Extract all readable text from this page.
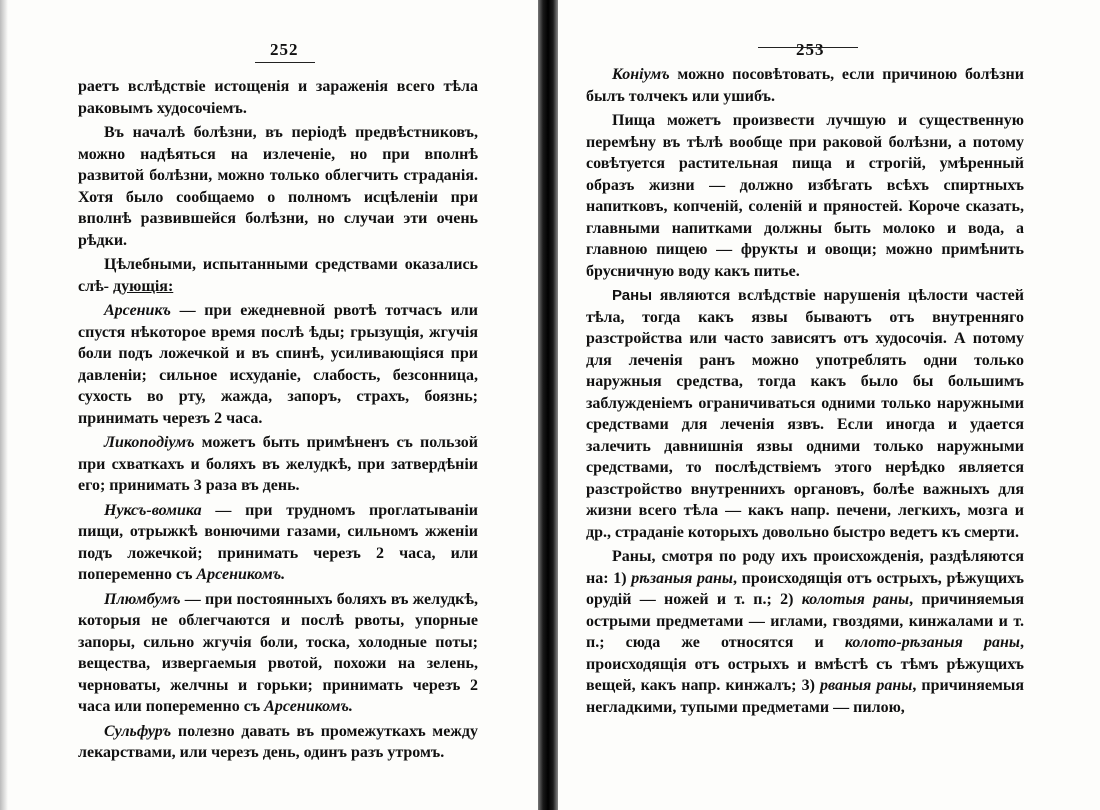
252

раетъ вслѣдствіе истощенія и зараженія всего тѣла раковымъ худосочіемъ.

Въ началѣ болѣзни, въ періодѣ предвѣстниковъ, можно надѣяться на излеченіе, но при вполнѣ развитой болѣзни, можно только облегчить страданія. Хотя было сообщаемо о полномъ исцѣленіи при вполнѣ развившейся болѣзни, но случаи эти очень рѣдки.

Цѣлебными, испытанными средствами оказались слѣ- дующія:

Арсеникъ — при ежедневной рвотѣ тотчасъ или спустя нѣкоторое время послѣ ѣды; грызущія, жгучія боли подъ ложечкой и въ спинѣ, усиливающіяся при давленіи; сильное исхуданіе, слабость, безсонница, сухость во рту, жажда, запоръ, страхъ, боязнь; принимать черезъ 2 часа.

Ликоподіумъ можетъ быть примѣненъ съ пользой при схваткахъ и боляхъ въ желудкѣ, при затвердѣніи его; принимать 3 раза въ день.

Нуксъ-вомика — при трудномъ проглатываніи пищи, отрыжкѣ вонючими газами, сильномъ жженіи подъ ложечкой; принимать черезъ 2 часа, или попеременно съ Арсеникомъ.

Плюмбумъ — при постоянныхъ боляхъ въ желудкѣ, которыя не облегчаются и послѣ рвоты, упорные запоры, сильно жгучія боли, тоска, холодные поты; вещества, извергаемыя рвотой, похожи на зелень, черноваты, желчны и горьки; принимать черезъ 2 часа или попеременно съ Арсеникомъ.

Сульфуръ полезно давать въ промежуткахъ между лекарствами, или черезъ день, одинъ разъ утромъ.

253

Коніумъ можно посовѣтовать, если причиною болѣзни былъ толчекъ или ушибъ.

Пища можетъ произвести лучшую и существенную перемѣну въ тѣлѣ вообще при раковой болѣзни, а потому совѣтуется растительная пища и строгій, умѣренный образъ жизни — должно избѣгать всѣхъ спиртныхъ напитковъ, копченій, соленій и пряностей. Короче сказать, главными напитками должны быть молоко и вода, а главною пищею — фрукты и овощи; можно примѣнить брусничную воду какъ питье.

Раны являются вслѣдствіе нарушенія цѣлости частей тѣла, тогда какъ язвы бываютъ отъ внутренняго разстройства или часто зависятъ отъ худосочія. А потому для леченія ранъ можно употреблять одни только наружныя средства, тогда какъ было бы большимъ заблужденіемъ ограничиваться одними только наружными средствами для леченія язвъ. Если иногда и удается залечить давнишнія язвы одними только наружными средствами, то послѣдствіемъ этого нерѣдко является разстройство внутреннихъ органовъ, болѣе важныхъ для жизни всего тѣла — какъ напр. печени, легкихъ, мозга и др., страданіе которыхъ довольно быстро ведетъ къ смерти.

Раны, смотря по роду ихъ происхожденія, раздѣляются на: 1) рѣзаныя раны, происходящія отъ острыхъ, рѣжущихъ орудій — ножей и т. п.; 2) колотыя раны, причиняемыя острыми предметами — иглами, гвоздями, кинжалами и т. п.; сюда же относятся и колото-рѣзаныя раны, происходящія отъ острыхъ и вмѣстѣ съ тѣмъ рѣжущихъ вещей, какъ напр. кинжалъ; 3) рваныя раны, причиняемыя негладкими, тупыми предметами — пилою,
